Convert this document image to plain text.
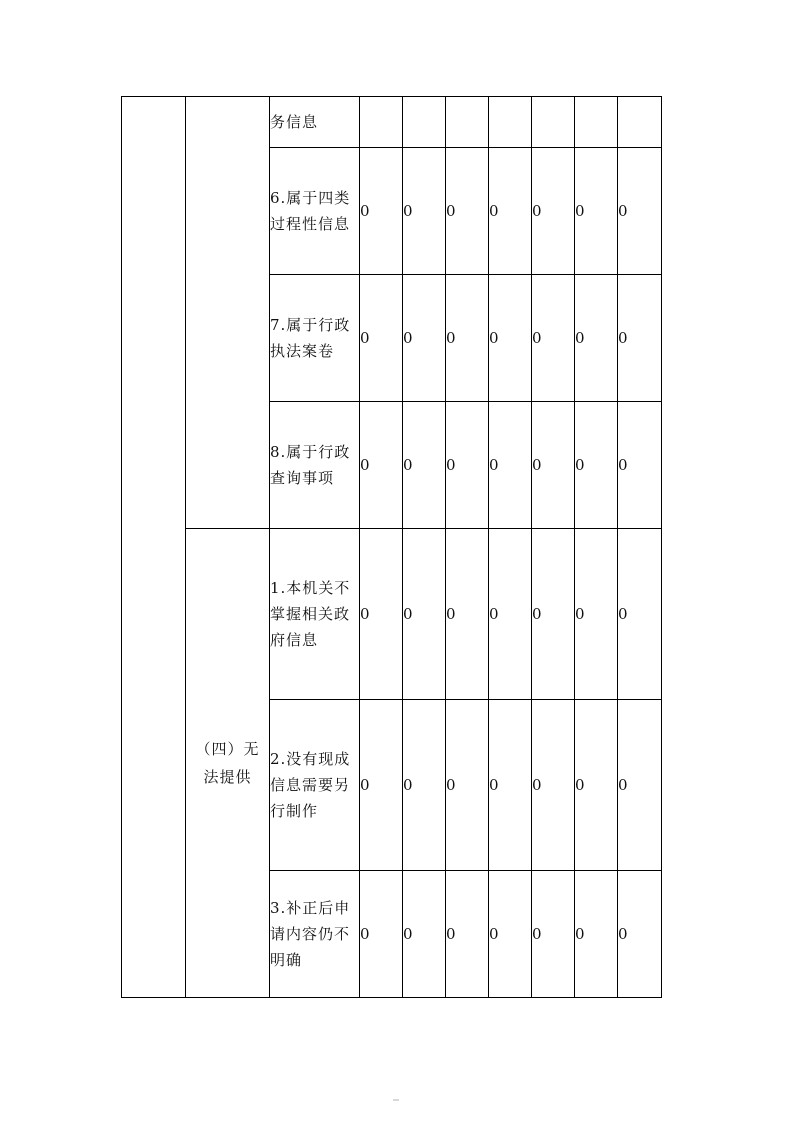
		务信息							

		6.属于四类过程性信息	0	0	0	0	0	0	0

		7.属于行政执法案卷	0	0	0	0	0	0	0

		8.属于行政查询事项	0	0	0	0	0	0	0

	（四）无法提供	1.本机关不掌握相关政府信息	0	0	0	0	0	0	0

		2.没有现成信息需要另行制作	0	0	0	0	0	0	0

		3.补正后申请内容仍不明确	0	0	0	0	0	0	0
